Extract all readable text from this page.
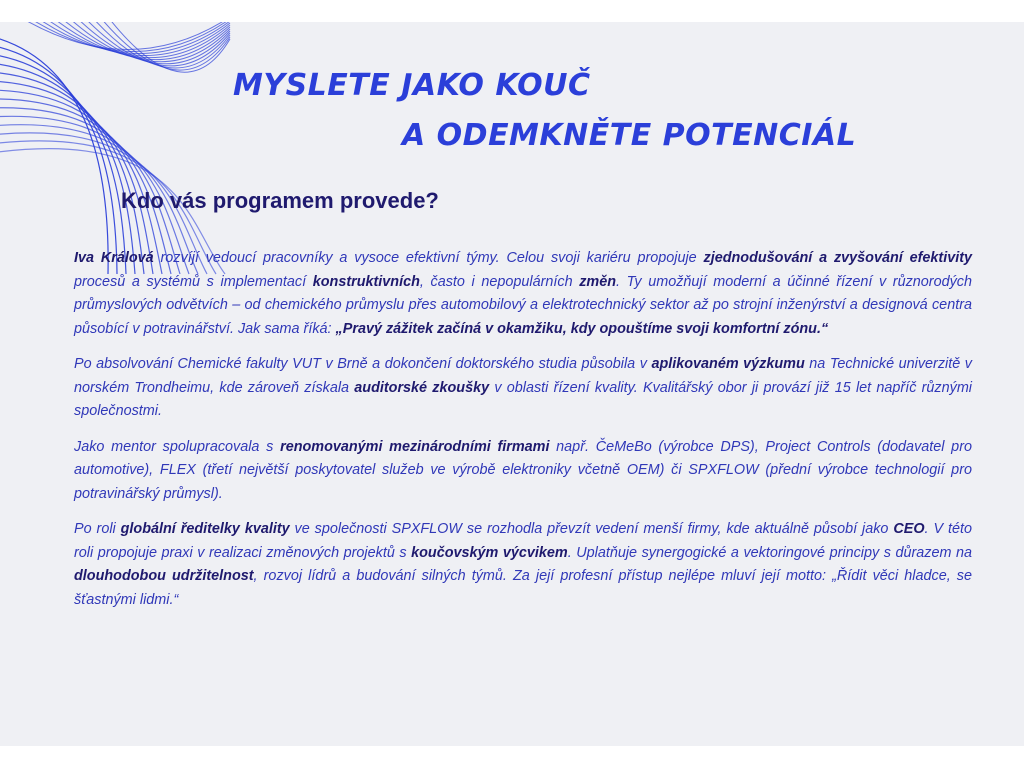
MYSLETE JAKO KOUČ
A ODEMKNĚTE POTENCIÁL
Kdo vás programem provede?

Iva Králová rozvíjí vedoucí pracovníky a vysoce efektivní týmy. Celou svoji kariéru propojuje zjednodušování a zvyšování efektivity procesů a systémů s implementací konstruktivních, často i nepopulárních změn. Ty umožňují moderní a účinné řízení v různorodých průmyslových odvětvích – od chemického průmyslu přes automobilový a elektrotechnický sektor až po strojní inženýrství a designová centra působící v potravinářství. Jak sama říká: „Pravý zážitek začíná v okamžiku, kdy opouštíme svoji komfortní zónu.“

Po absolvování Chemické fakulty VUT v Brně a dokončení doktorského studia působila v aplikovaném výzkumu na Technické univerzitě v norském Trondheimu, kde zároveň získala auditorské zkoušky v oblasti řízení kvality. Kvalitářský obor ji provází již 15 let napříč různými společnostmi.

Jako mentor spolupracovala s renomovanými mezinárodními firmami např. ČeMeBo (výrobce DPS), Project Controls (dodavatel pro automotive), FLEX (třetí největší poskytovatel služeb ve výrobě elektroniky včetně OEM) či SPXFLOW (přední výrobce technologií pro potravinářský průmysl).

Po roli globální ředitelky kvality ve společnosti SPXFLOW se rozhodla převzít vedení menší firmy, kde aktuálně působí jako CEO. V této roli propojuje praxi v realizaci změnových projektů s koučovským výcvikem. Uplatňuje synergogické a vektoringové principy s důrazem na dlouhodobou udržitelnost, rozvoj lídrů a budování silných týmů. Za její profesní přístup nejlépe mluví její motto: „Řídit věci hladce, se šťastnými lidmi.“
